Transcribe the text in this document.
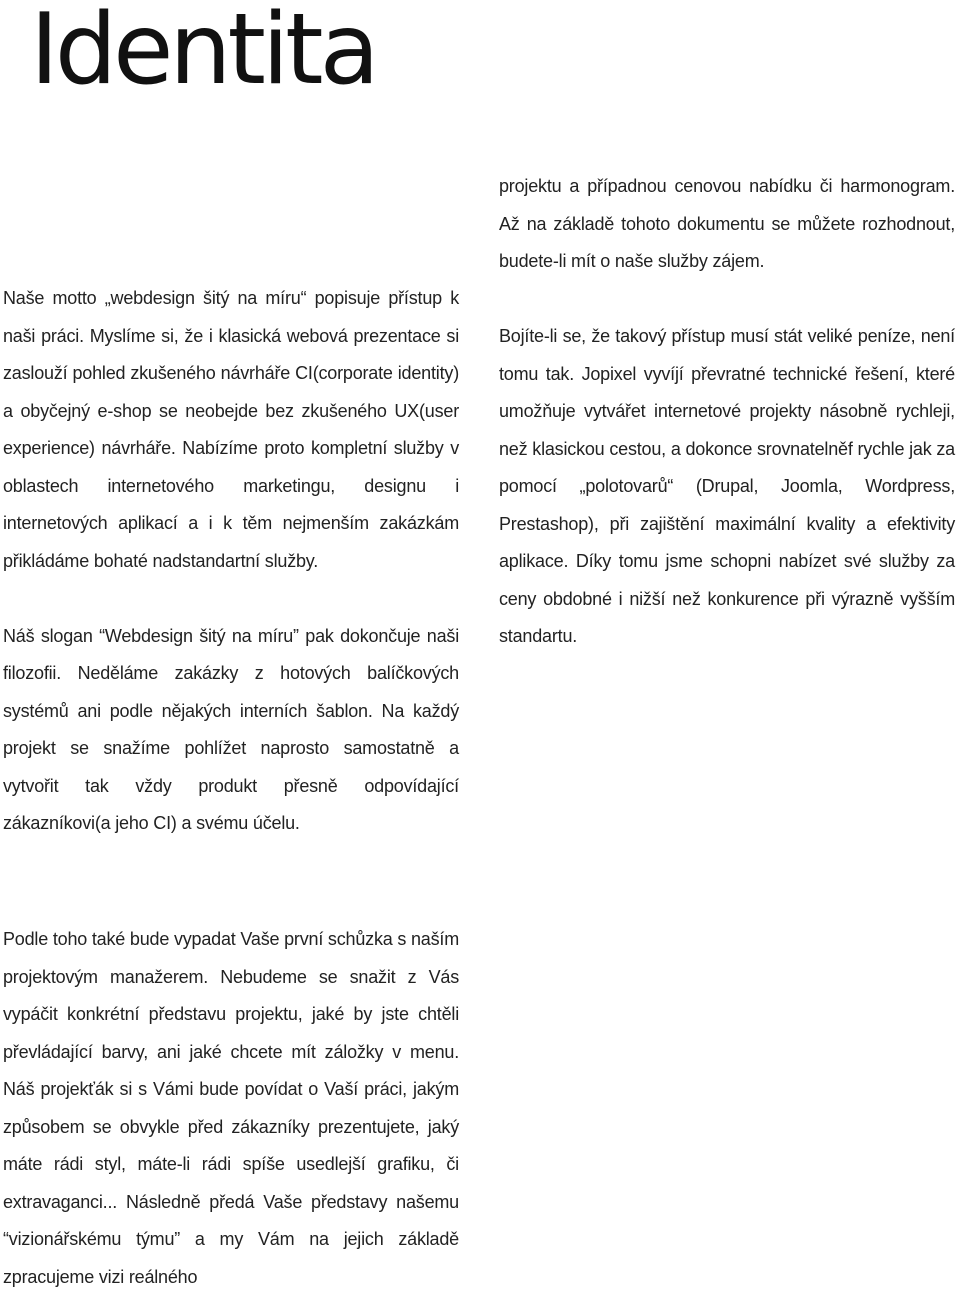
Identita

Naše motto „webdesign šitý na míru“ popisuje přístup k naši práci. Myslíme si, že i klasická webová prezentace si zaslouží pohled zkušeného návrháře CI(corporate identity) a obyčejný e-shop se neobejde bez zkušeného UX(user experience) návrháře. Nabízíme proto kompletní služby v oblastech internetového marketingu, designu i internetových aplikací a i k těm nejmenším zakázkám přikládáme bohaté nadstandartní služby.

Náš slogan “Webdesign šitý na míru” pak dokončuje naši filozofii. Neděláme zakázky z hotových balíčkových systémů ani podle nějakých interních šablon. Na každý projekt se snažíme pohlížet naprosto samostatně a vytvořit tak vždy produkt přesně odpovídající zákazníkovi(a jeho CI) a svému účelu.

Podle toho také bude vypadat Vaše první schůzka s naším projektovým manažerem. Nebudeme se snažit z Vás vypáčit konkrétní představu projektu, jaké by jste chtěli převládající barvy, ani jaké chcete mít záložky v menu. Náš projekťák si s Vámi bude povídat o Vaší práci, jakým způsobem se obvykle před zákazníky prezentujete, jaký máte rádi styl, máte-li rádi spíše usedlejší grafiku, či extravaganci... Následně předá Vaše představy našemu “vizionářskému týmu” a my Vám na jejich základě zpracujeme vizi reálného

projektu a případnou cenovou nabídku či harmonogram. Až na základě tohoto dokumentu se můžete rozhodnout, budete-li mít o naše služby zájem.

Bojíte-li se, že takový přístup musí stát veliké peníze, není tomu tak. Jopixel vyvíjí převratné technické řešení, které umožňuje vytvářet internetové projekty násobně rychleji, než klasickou cestou, a dokonce srovnatelněf rychle jak za pomocí „polotovarů“ (Drupal, Joomla, Wordpress, Prestashop), při zajištění maximální kvality a efektivity aplikace. Díky tomu jsme schopni nabízet své služby za ceny obdobné i nižší než konkurence při výrazně vyšším standartu.
